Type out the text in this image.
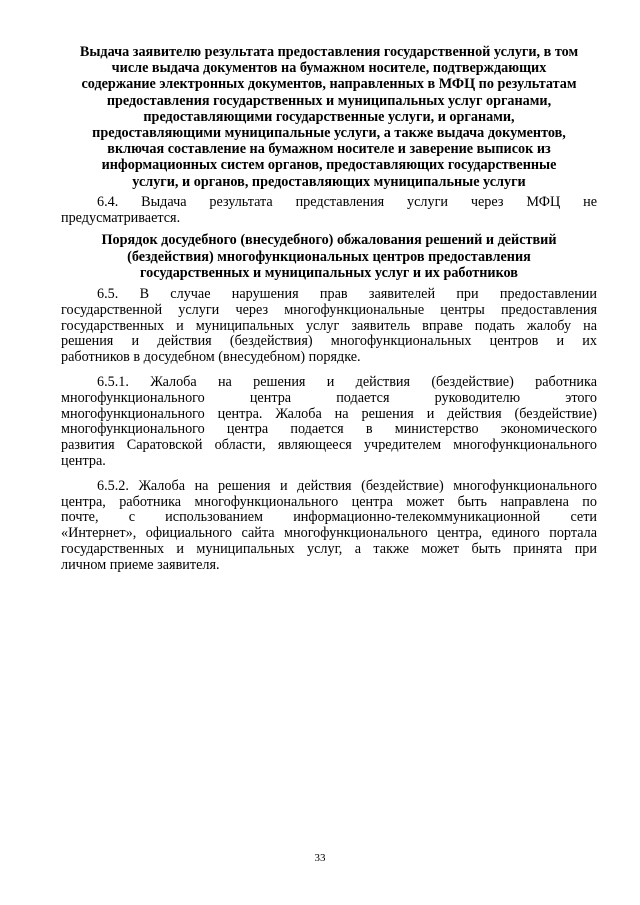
Выдача заявителю результата предоставления государственной услуги, в том
числе выдача документов на бумажном носителе, подтверждающих
содержание электронных документов, направленных в МФЦ по результатам
предоставления государственных и муниципальных услуг органами,
предоставляющими государственные услуги, и органами,
предоставляющими муниципальные услуги, а также выдача документов,
включая составление на бумажном носителе и заверение выписок из
информационных систем органов, предоставляющих государственные
услуги, и органов, предоставляющих муниципальные услуги
6.4. Выдача результата представления услуги через МФЦ не
предусматривается.
Порядок досудебного (внесудебного) обжалования решений и действий
(бездействия) многофункциональных центров предоставления
государственных и муниципальных услуг и их работников
6.5. В случае нарушения прав заявителей при предоставлении
государственной услуги через многофункциональные центры предоставления
государственных и муниципальных услуг заявитель вправе подать жалобу на
решения и действия (бездействия) многофункциональных центров и их
работников в досудебном (внесудебном) порядке.
6.5.1. Жалоба на решения и действия (бездействие) работника
многофункционального центра подается руководителю этого
многофункционального центра. Жалоба на решения и действия (бездействие)
многофункционального центра подается в министерство экономического
развития Саратовской области, являющееся учредителем многофункционального
центра.
6.5.2. Жалоба на решения и действия (бездействие) многофункционального
центра, работника многофункционального центра может быть направлена по
почте, с использованием информационно-телекоммуникационной сети
«Интернет», официального сайта многофункционального центра, единого портала
государственных и муниципальных услуг, а также может быть принята при
личном приеме заявителя.
33
